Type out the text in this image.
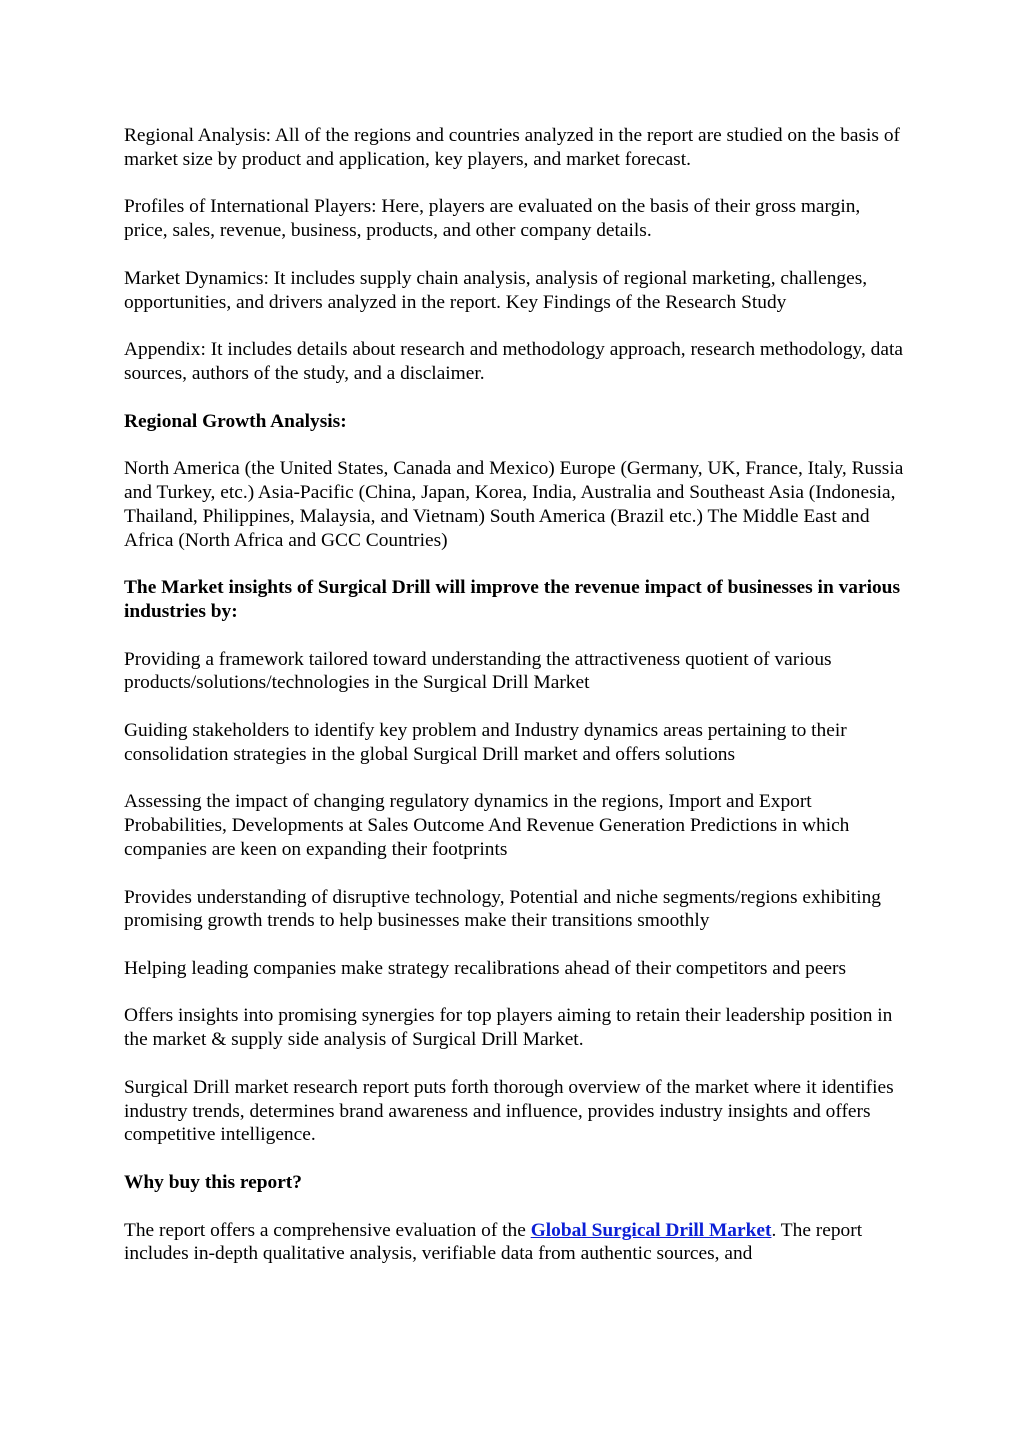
Regional Analysis: All of the regions and countries analyzed in the report are studied on the basis of market size by product and application, key players, and market forecast.

Profiles of International Players: Here, players are evaluated on the basis of their gross margin, price, sales, revenue, business, products, and other company details.

Market Dynamics: It includes supply chain analysis, analysis of regional marketing, challenges, opportunities, and drivers analyzed in the report. Key Findings of the Research Study

Appendix: It includes details about research and methodology approach, research methodology, data sources, authors of the study, and a disclaimer.

Regional Growth Analysis:

North America (the United States, Canada and Mexico) Europe (Germany, UK, France, Italy, Russia and Turkey, etc.) Asia-Pacific (China, Japan, Korea, India, Australia and Southeast Asia (Indonesia, Thailand, Philippines, Malaysia, and Vietnam) South America (Brazil etc.) The Middle East and Africa (North Africa and GCC Countries)

The Market insights of Surgical Drill will improve the revenue impact of businesses in various industries by:

Providing a framework tailored toward understanding the attractiveness quotient of various products/solutions/technologies in the Surgical Drill Market

Guiding stakeholders to identify key problem and Industry dynamics areas pertaining to their consolidation strategies in the global Surgical Drill market and offers solutions

Assessing the impact of changing regulatory dynamics in the regions, Import and Export Probabilities, Developments at Sales Outcome And Revenue Generation Predictions in which companies are keen on expanding their footprints

Provides understanding of disruptive technology, Potential and niche segments/regions exhibiting promising growth trends to help businesses make their transitions smoothly

Helping leading companies make strategy recalibrations ahead of their competitors and peers

Offers insights into promising synergies for top players aiming to retain their leadership position in the market & supply side analysis of Surgical Drill Market.

Surgical Drill market research report puts forth thorough overview of the market where it identifies industry trends, determines brand awareness and influence, provides industry insights and offers competitive intelligence.

Why buy this report?

The report offers a comprehensive evaluation of the Global Surgical Drill Market. The report includes in-depth qualitative analysis, verifiable data from authentic sources, and
